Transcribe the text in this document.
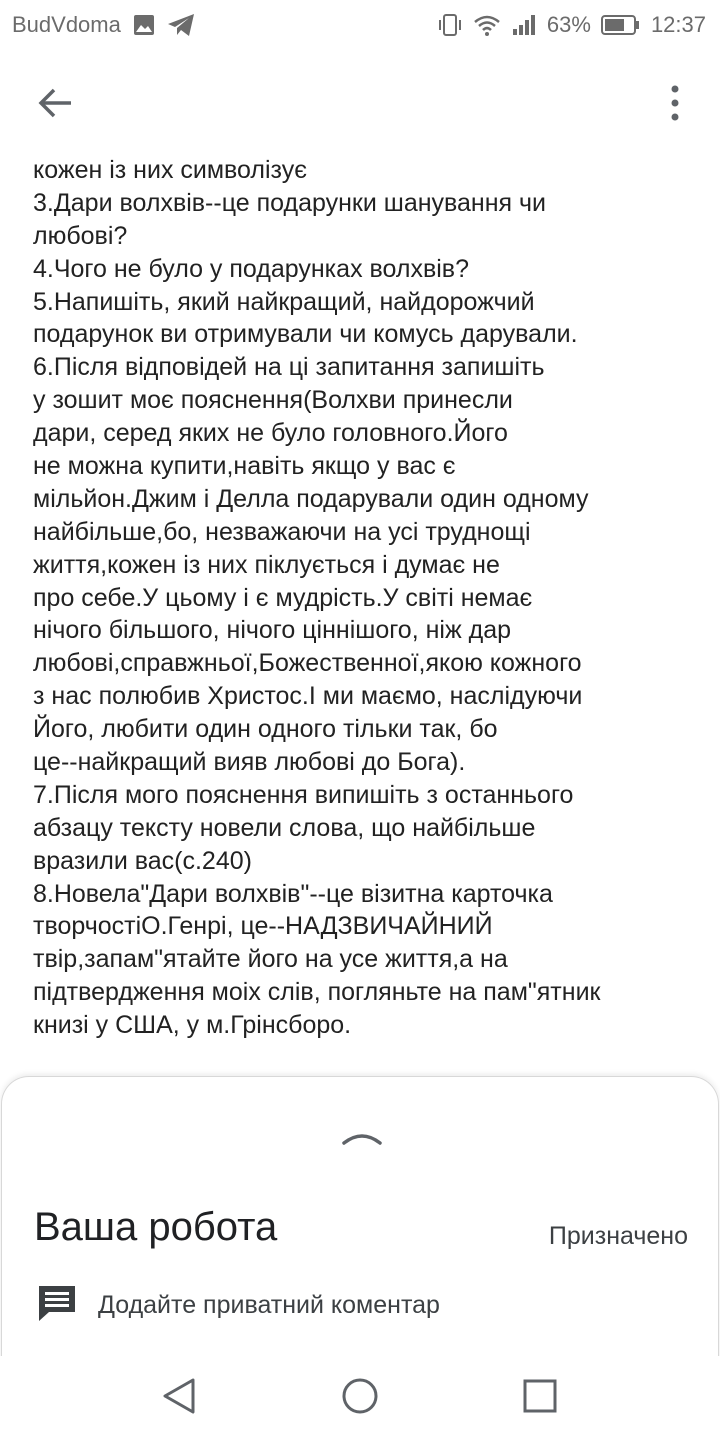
BudVdoma	63%	12:37
кожен із них символізує
3.Дари волхвів--це подарунки шанування чи
любові?
4.Чого не було у подарунках волхвів?
5.Напишіть, який найкращий, найдорожчий
подарунок ви отримували чи комусь дарували.
6.Після відповідей на ці запитання запишіть
у зошит моє пояснення(Волхви принесли
дари, серед яких не було головного.Його
не можна купити,навіть якщо у вас є
мільйон.Джим і Делла подарували один одному
найбільше,бо, незважаючи на усі труднощі
життя,кожен із них піклується і думає не
про себе.У цьому і є мудрість.У світі немає
нічого більшого, нічого ціннішого, ніж дар
любові,справжньої,Божественної,якою кожного
з нас полюбив Христос.І ми маємо, наслідуючи
Його, любити один одного тільки так, бо
це--найкращий вияв любові до Бога).
7.Після мого пояснення випишіть з останнього
абзацу тексту новели слова, що найбільше
вразили вас(с.240)
8.Новела"Дари волхвів"--це візитна карточка
творчостіО.Генрі, це--НАДЗВИЧАЙНИЙ
твір,запам"ятайте його на усе життя,а на
підтвердження моіх слів, погляньте на пам"ятник
книзі у США, у м.Грінсборо.
Ваша робота	Призначено
Додайте приватний коментар
